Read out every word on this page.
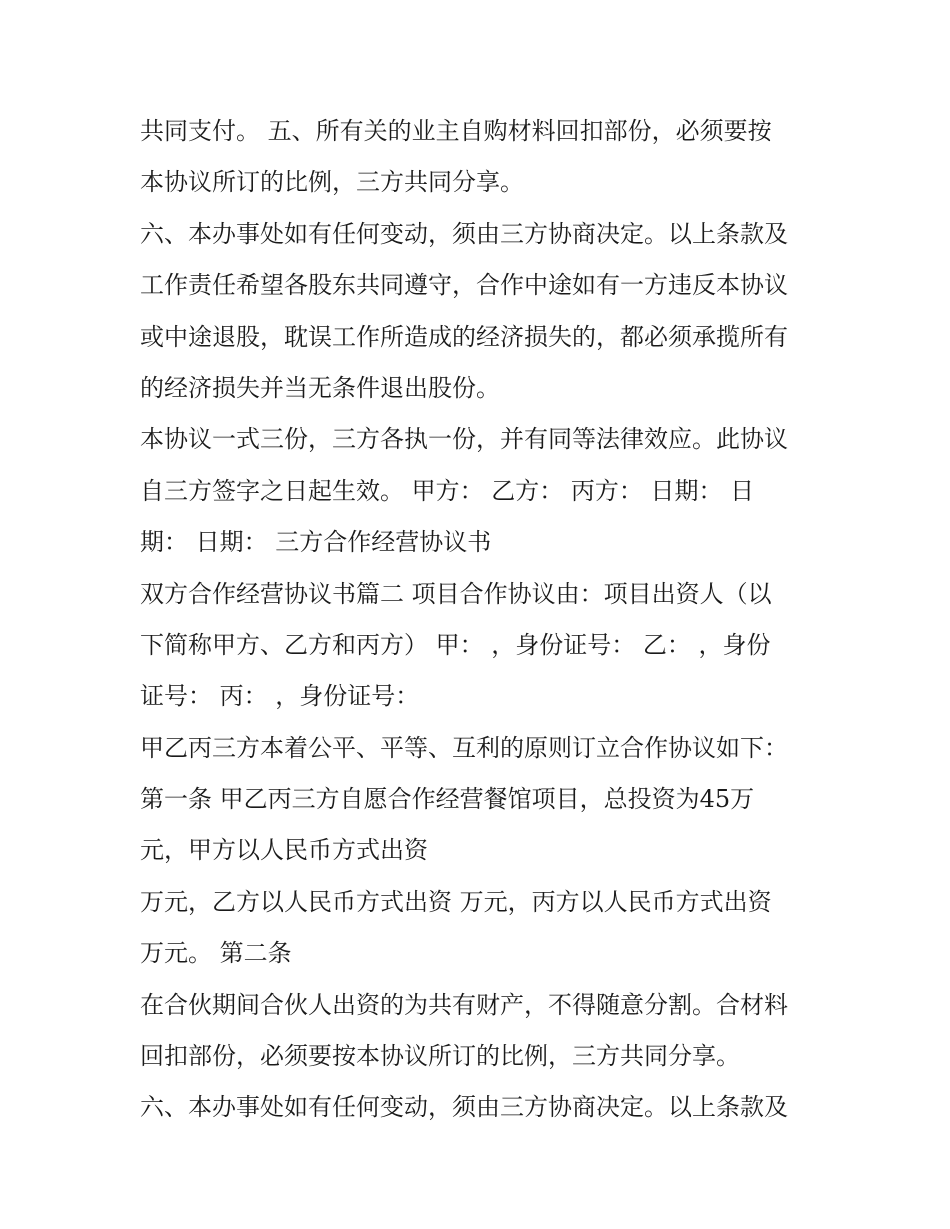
共同支付。 五、所有关的业主自购材料回扣部份，必须要按
本协议所订的比例，三方共同分享。
六、本办事处如有任何变动，须由三方协商决定。以上条款及
工作责任希望各股东共同遵守，合作中途如有一方违反本协议
或中途退股，耽误工作所造成的经济损失的，都必须承揽所有
的经济损失并当无条件退出股份。
本协议一式三份，三方各执一份，并有同等法律效应。此协议
自三方签字之日起生效。 甲方： 乙方： 丙方： 日期： 日
期： 日期： 三方合作经营协议书
双方合作经营协议书篇二 项目合作协议由：项目出资人（以
下简称甲方、乙方和丙方） 甲： ，身份证号： 乙： ，身份
证号： 丙： ，身份证号：
甲乙丙三方本着公平、平等、互利的原则订立合作协议如下：
第一条 甲乙丙三方自愿合作经营餐馆项目，总投资为45万
元，甲方以人民币方式出资
万元，乙方以人民币方式出资 万元，丙方以人民币方式出资
万元。 第二条
在合伙期间合伙人出资的为共有财产，不得随意分割。合材料
回扣部份，必须要按本协议所订的比例，三方共同分享。
六、本办事处如有任何变动，须由三方协商决定。以上条款及
